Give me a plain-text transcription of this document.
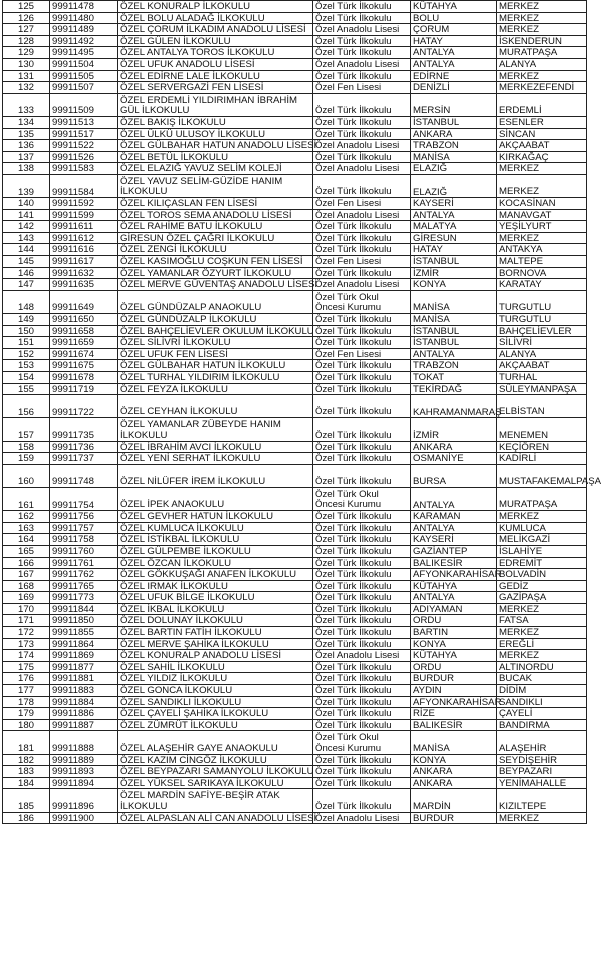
125	99911478	ÖZEL KONURALP İLKOKULU	Özel Türk İlkokulu	KÜTAHYA	MERKEZ
126	99911480	ÖZEL BOLU ALADAĞ İLKOKULU	Özel Türk İlkokulu	BOLU	MERKEZ
127	99911489	ÖZEL ÇORUM İLKADIM ANADOLU LİSESİ	Özel Anadolu Lisesi	ÇORUM	MERKEZ
128	99911492	ÖZEL GÜLEN İLKOKULU	Özel Türk İlkokulu	HATAY	İSKENDERUN
129	99911495	ÖZEL ANTALYA TOROS İLKOKULU	Özel Türk İlkokulu	ANTALYA	MURATPAŞA
130	99911504	ÖZEL UFUK ANADOLU LİSESİ	Özel Anadolu Lisesi	ANTALYA	ALANYA
131	99911505	ÖZEL EDİRNE LALE İLKOKULU	Özel Türk İlkokulu	EDİRNE	MERKEZ
132	99911507	ÖZEL SERVERGAZİ FEN LİSESİ	Özel Fen Lisesi	DENİZLİ	MERKEZEFENDİ
133	99911509	ÖZEL ERDEMLİ YILDIRIMHAN İBRAHİM GÜL İLKOKULU	Özel Türk İlkokulu	MERSİN	ERDEMLİ
134	99911513	ÖZEL BAKIŞ İLKOKULU	Özel Türk İlkokulu	İSTANBUL	ESENLER
135	99911517	ÖZEL ÜLKÜ ULUSOY İLKOKULU	Özel Türk İlkokulu	ANKARA	SİNCAN
136	99911522	ÖZEL GÜLBAHAR HATUN ANADOLU LİSESİ	Özel Anadolu Lisesi	TRABZON	AKÇAABAT
137	99911526	ÖZEL BETÜL İLKOKULU	Özel Türk İlkokulu	MANİSA	KIRKAĞAÇ
138	99911583	ÖZEL ELAZIĞ YAVUZ SELİM KOLEJİ	Özel Anadolu Lisesi	ELAZIĞ	MERKEZ
139	99911584	ÖZEL YAVUZ SELİM-GÜZİDE HANIM İLKOKULU	Özel Türk İlkokulu	ELAZIĞ	MERKEZ
140	99911592	ÖZEL KILIÇASLAN FEN LİSESİ	Özel Fen Lisesi	KAYSERİ	KOCASİNAN
141	99911599	ÖZEL TOROS SEMA ANADOLU LİSESİ	Özel Anadolu Lisesi	ANTALYA	MANAVGAT
142	99911611	ÖZEL RAHİME BATU İLKOKULU	Özel Türk İlkokulu	MALATYA	YEŞİLYURT
143	99911612	GİRESUN ÖZEL ÇAĞRI İLKOKULU	Özel Türk İlkokulu	GİRESUN	MERKEZ
144	99911616	ÖZEL ZENGİ İLKOKULU	Özel Türk İlkokulu	HATAY	ANTAKYA
145	99911617	ÖZEL KASIMOĞLU COŞKUN FEN LİSESİ	Özel Fen Lisesi	İSTANBUL	MALTEPE
146	99911632	ÖZEL YAMANLAR ÖZYURT İLKOKULU	Özel Türk İlkokulu	İZMİR	BORNOVA
147	99911635	ÖZEL MERVE GÜVENTAŞ ANADOLU LİSESİ	Özel Anadolu Lisesi	KONYA	KARATAY
148	99911649	ÖZEL GÜNDÜZALP ANAOKULU	Özel Türk Okul Öncesi Kurumu	MANİSA	TURGUTLU
149	99911650	ÖZEL GÜNDÜZALP İLKOKULU	Özel Türk İlkokulu	MANİSA	TURGUTLU
150	99911658	ÖZEL BAHÇELİEVLER OKULUM İLKOKULU	Özel Türk İlkokulu	İSTANBUL	BAHÇELİEVLER
151	99911659	ÖZEL SİLİVRİ İLKOKULU	Özel Türk İlkokulu	İSTANBUL	SİLİVRİ
152	99911674	ÖZEL UFUK FEN LİSESİ	Özel Fen Lisesi	ANTALYA	ALANYA
153	99911675	ÖZEL GÜLBAHAR HATUN İLKOKULU	Özel Türk İlkokulu	TRABZON	AKÇAABAT
154	99911678	ÖZEL TURHAL YILDIRIM İLKOKULU	Özel Türk İlkokulu	TOKAT	TURHAL
155	99911719	ÖZEL FEYZA İLKOKULU	Özel Türk İlkokulu	TEKİRDAĞ	SÜLEYMANPAŞA
156	99911722	ÖZEL CEYHAN İLKOKULU	Özel Türk İlkokulu	KAHRAMANMARAŞ	ELBİSTAN
157	99911735	ÖZEL YAMANLAR ZÜBEYDE HANIM İLKOKULU	Özel Türk İlkokulu	İZMİR	MENEMEN
158	99911736	ÖZEL İBRAHİM AVCI İLKOKULU	Özel Türk İlkokulu	ANKARA	KEÇİÖREN
159	99911737	ÖZEL YENİ SERHAT İLKOKULU	Özel Türk İlkokulu	OSMANİYE	KADİRLİ
160	99911748	ÖZEL NİLÜFER İREM İLKOKULU	Özel Türk İlkokulu	BURSA	MUSTAFAKEMALPAŞA
161	99911754	ÖZEL İPEK ANAOKULU	Özel Türk Okul Öncesi Kurumu	ANTALYA	MURATPAŞA
162	99911756	ÖZEL GEVHER HATUN İLKOKULU	Özel Türk İlkokulu	KARAMAN	MERKEZ
163	99911757	ÖZEL KUMLUCA İLKOKULU	Özel Türk İlkokulu	ANTALYA	KUMLUCA
164	99911758	ÖZEL İSTİKBAL İLKOKULU	Özel Türk İlkokulu	KAYSERİ	MELİKGAZİ
165	99911760	ÖZEL GÜLPEMBE İLKOKULU	Özel Türk İlkokulu	GAZİANTEP	İSLAHİYE
166	99911761	ÖZEL ÖZCAN İLKOKULU	Özel Türk İlkokulu	BALIKESİR	EDREMİT
167	99911762	ÖZEL GÖKKUŞAĞI ANAFEN İLKOKULU	Özel Türk İlkokulu	AFYONKARAHİSAR	BOLVADİN
168	99911765	ÖZEL IRMAK İLKOKULU	Özel Türk İlkokulu	KÜTAHYA	GEDİZ
169	99911773	ÖZEL UFUK BİLGE İLKOKULU	Özel Türk İlkokulu	ANTALYA	GAZİPAŞA
170	99911844	ÖZEL İKBAL İLKOKULU	Özel Türk İlkokulu	ADIYAMAN	MERKEZ
171	99911850	ÖZEL DOLUNAY İLKOKULU	Özel Türk İlkokulu	ORDU	FATSA
172	99911855	ÖZEL BARTIN FATİH İLKOKULU	Özel Türk İlkokulu	BARTIN	MERKEZ
173	99911864	ÖZEL MERVE ŞAHİKA İLKOKULU	Özel Türk İlkokulu	KONYA	EREĞLİ
174	99911869	ÖZEL KONURALP ANADOLU LİSESİ	Özel Anadolu Lisesi	KÜTAHYA	MERKEZ
175	99911877	ÖZEL SAHİL İLKOKULU	Özel Türk İlkokulu	ORDU	ALTINORDU
176	99911881	ÖZEL YILDIZ İLKOKULU	Özel Türk İlkokulu	BURDUR	BUCAK
177	99911883	ÖZEL GONCA İLKOKULU	Özel Türk İlkokulu	AYDIN	DİDİM
178	99911884	ÖZEL SANDIKLI İLKOKULU	Özel Türk İlkokulu	AFYONKARAHİSAR	SANDIKLI
179	99911886	ÖZEL ÇAYELİ ŞAHİKA İLKOKULU	Özel Türk İlkokulu	RİZE	ÇAYELİ
180	99911887	ÖZEL ZÜMRÜT İLKOKULU	Özel Türk İlkokulu	BALIKESİR	BANDIRMA
181	99911888	ÖZEL ALAŞEHİR GAYE ANAOKULU	Özel Türk Okul Öncesi Kurumu	MANİSA	ALAŞEHİR
182	99911889	ÖZEL KAZIM CİNGÖZ İLKOKULU	Özel Türk İlkokulu	KONYA	SEYDİŞEHİR
183	99911893	ÖZEL BEYPAZARI SAMANYOLU İLKOKULU	Özel Türk İlkokulu	ANKARA	BEYPAZARI
184	99911894	ÖZEL YÜKSEL SARIKAYA İLKOKULU	Özel Türk İlkokulu	ANKARA	YENİMAHALLE
185	99911896	ÖZEL MARDİN SAFİYE-BEŞİR ATAK İLKOKULU	Özel Türk İlkokulu	MARDİN	KIZILTEPE
186	99911900	ÖZEL ALPASLAN ALİ CAN ANADOLU LİSESİ	Özel Anadolu Lisesi	BURDUR	MERKEZ
